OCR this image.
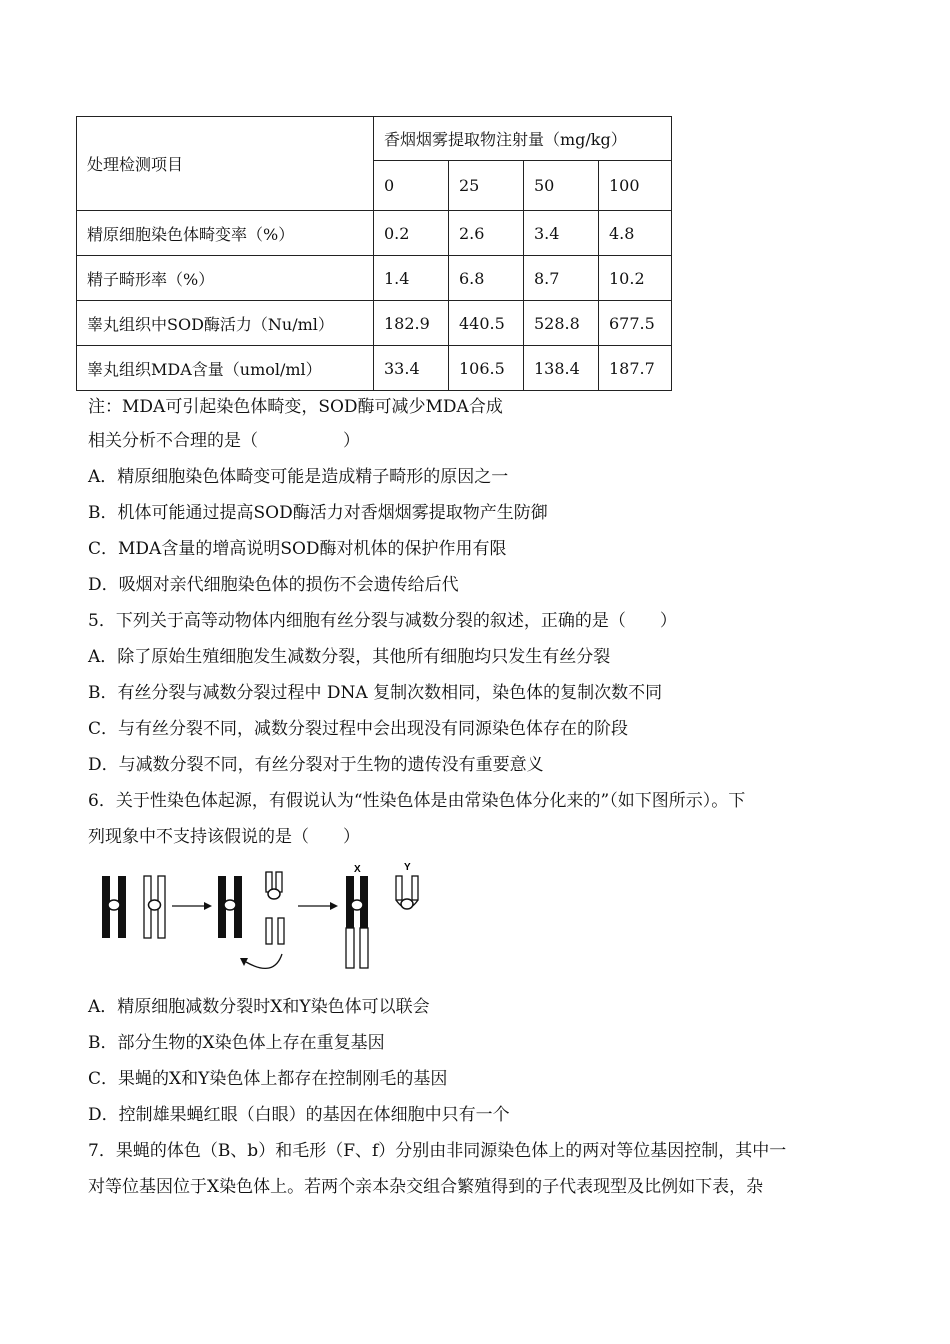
处理检测项目	香烟烟雾提取物注射量（mg/kg）			
	0	25	50	100
精原细胞染色体畸变率（%）	0.2	2.6	3.4	4.8
精子畸形率（%）	1.4	6.8	8.7	10.2
睾丸组织中SOD酶活力（Nu/ml）	182.9	440.5	528.8	677.5
睾丸组织MDA含量（umol/ml）	33.4	106.5	138.4	187.7
注：MDA可引起染色体畸变，SOD酶可减少MDA合成
相关分析不合理的是（　　　　　）
A．精原细胞染色体畸变可能是造成精子畸形的原因之一
B．机体可能通过提高SOD酶活力对香烟烟雾提取物产生防御
C．MDA含量的增高说明SOD酶对机体的保护作用有限
D．吸烟对亲代细胞染色体的损伤不会遗传给后代
5．下列关于高等动物体内细胞有丝分裂与减数分裂的叙述，正确的是（　　）
A．除了原始生殖细胞发生减数分裂，其他所有细胞均只发生有丝分裂
B．有丝分裂与减数分裂过程中 DNA 复制次数相同，染色体的复制次数不同
C．与有丝分裂不同，减数分裂过程中会出现没有同源染色体存在的阶段
D．与减数分裂不同，有丝分裂对于生物的遗传没有重要意义
6．关于性染色体起源，有假说认为“性染色体是由常染色体分化来的”（如下图所示）。下
列现象中不支持该假说的是（　　）
X	Y
A．精原细胞减数分裂时X和Y染色体可以联会
B．部分生物的X染色体上存在重复基因
C．果蝇的X和Y染色体上都存在控制刚毛的基因
D．控制雄果蝇红眼（白眼）的基因在体细胞中只有一个
7．果蝇的体色（B、b）和毛形（F、f）分别由非同源染色体上的两对等位基因控制，其中一
对等位基因位于X染色体上。若两个亲本杂交组合繁殖得到的子代表现型及比例如下表，杂
